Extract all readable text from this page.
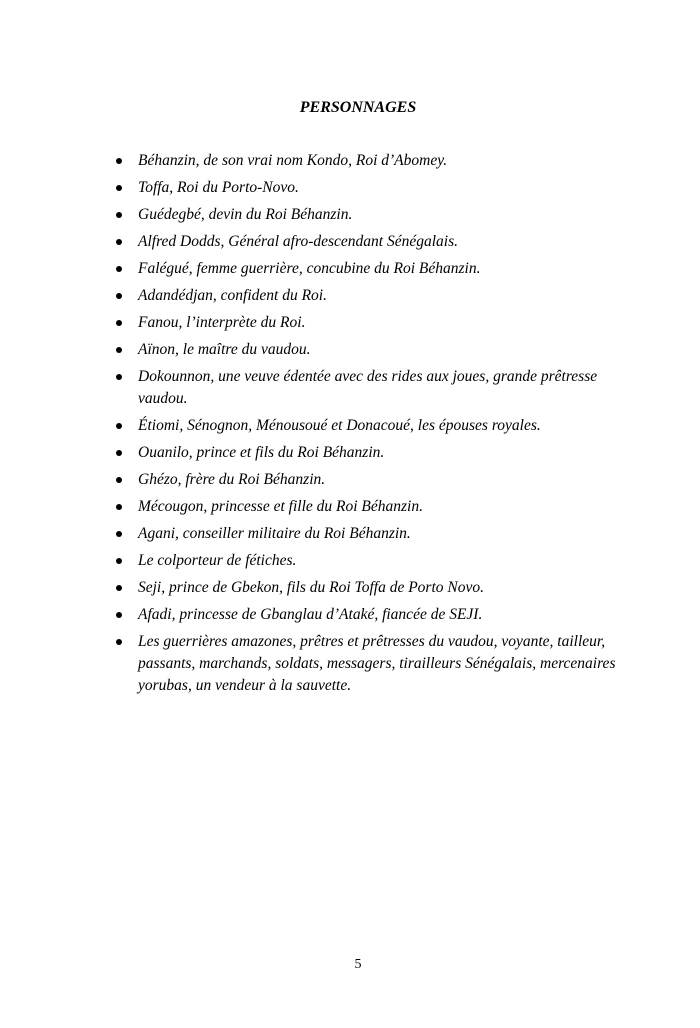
PERSONNAGES
Béhanzin, de son vrai nom Kondo, Roi d’Abomey.
Toffa, Roi du Porto-Novo.
Guédegbé, devin du Roi Béhanzin.
Alfred Dodds, Général afro-descendant Sénégalais.
Falégué, femme guerrière, concubine du Roi Béhanzin.
Adandédjan, confident du Roi.
Fanou, l’interprète du Roi.
Aïnon, le maître du vaudou.
Dokounnon, une veuve édentée avec des rides aux joues, grande prêtresse vaudou.
Étiomi, Sénognon, Ménousoué et Donacoué, les épouses royales.
Ouanilo, prince et fils du Roi Béhanzin.
Ghézo, frère du Roi Béhanzin.
Mécougon, princesse et fille du Roi Béhanzin.
Agani, conseiller militaire du Roi Béhanzin.
Le colporteur de fétiches.
Seji, prince de Gbekon, fils du Roi Toffa de Porto Novo.
Afadi, princesse de Gbanglau d’Ataké, fiancée de SEJI.
Les guerrières amazones, prêtres et prêtresses du vaudou, voyante, tailleur, passants, marchands, soldats, messagers, tirailleurs Sénégalais, mercenaires yorubas, un vendeur à la sauvette.
5
